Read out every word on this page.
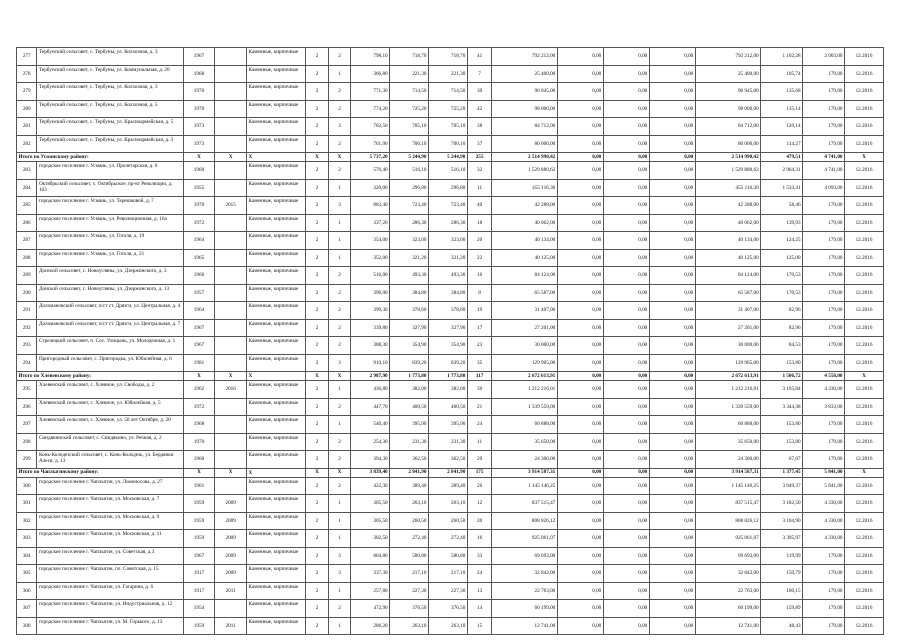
277	Тербунский сельсовет, с. Тербуны, ул. Колхозная, д. 3	1967		Каменные, кирпичные	2	2	798,10	718,70	718,70	41	792 212,00	0,00	0,00	0,00	792 212,00	1 102,28	2 003,00	12.2016
278	Тербунский сельсовет, с. Тербуны, ул. Коммунальная, д. 20	1968		Каменные, кирпичные	2	1	366,80	221,30	221,30	7	25 400,00	0,00	0,00	0,00	25 400,00	105,74	179,00	12.2016
279	Тербунский сельсовет, с. Тербуны, ул. Колхозная, д. 3	1970		Каменные, кирпичные	2	2	771,30	714,50	714,50	39	96 945,00	0,00	0,00	0,00	96 945,00	135,68	179,00	12.2016
280	Тербунский сельсовет, с. Тербуны, ул. Колхозная, д. 5	1970		Каменные, кирпичные	2	2	774,20	725,20	725,20	42	98 000,00	0,00	0,00	0,00	98 000,00	135,14	179,00	12.2016
281	Тербунский сельсовет, с. Тербуны, ул. Красноармейская, д. 5	1973		Каменные, кирпичные	2	3	783,50	705,10	705,10	38	84 712,00	0,00	0,00	0,00	84 712,00	120,14	179,00	12.2016
282	Тербунский сельсовет, с. Тербуны, ул. Красноармейская, д. 3	1973		Каменные, кирпичные	2	2	761,90	700,10	700,10	37	80 000,00	0,00	0,00	0,00	80 000,00	114,27	179,00	12.2016
Итого по Усманскому району:		X	X	X	X	X	5 737,20	5 244,90	5 244,90	255	2 514 990,42	0,00	0,00	0,00	2 514 990,42	479,51	4 741,00	X
283	городское поселение г. Усмань, ул. Пролетарская, д. 6	1960		Каменные, кирпичные	2	2	576,40	516,10	516,10	32	1 529 880,62	0,00	0,00	0,00	1 529 880,62	2 964,31	4 741,00	12.2016
284	Октябрьский сельсовет, с. Октябрьское, пр-кт Революции, д. 103	1955		Каменные, кирпичные	2	1	320,00	296,80	296,80	11	455 116,30	0,00	0,00	0,00	455 116,30	1 533,41	4 093,00	12.2016
285	городское поселение г. Усмань, ул. Терешковой, д. 7	1970	2015	Каменные, кирпичные	2	3	883,40	723,40	723,40	40	42 288,00	0,00	0,00	0,00	42 288,00	58,46	179,00	12.2016
286	городское поселение г. Усмань, ул. Революционная, д. 16а	1972		Каменные, кирпичные	2	1	337,20	286,30	286,30	18	40 062,00	0,00	0,00	0,00	40 062,00	139,93	179,00	12.2016
287	городское поселение г. Усмань, ул. Гоголя, д. 19	1964		Каменные, кирпичные	2	1	354,00	323,00	323,00	20	40 134,00	0,00	0,00	0,00	40 134,00	124,25	179,00	12.2016
288	городское поселение г. Усмань, ул. Гоголя, д. 21	1965		Каменные, кирпичные	2	1	352,00	321,20	321,20	22	40 125,00	0,00	0,00	0,00	40 125,00	125,00	179,00	12.2016
289	Донской сельсовет, с. Новоугляны, ул. Дзержинского, д. 3	1966		Каменные, кирпичные	2	2	516,00	493,30	493,30	16	84 124,00	0,00	0,00	0,00	84 124,00	170,53	179,00	12.2016
290	Донской сельсовет, с. Новоугляны, ул. Дзержинского, д. 13	1957		Каменные, кирпичные	2	2	396,00	384,80	384,80	8	65 587,00	0,00	0,00	0,00	65 587,00	170,53	179,00	12.2016
291	Доломановский сельсовет, п/ст ст. Дрязги, ул. Центральная, д. 4	1964		Каменные, кирпичные	2	2	399,30	378,60	378,60	19	31 407,00	0,00	0,00	0,00	31 407,00	82,96	179,00	12.2016
292	Доломановский сельсовет, п/ст ст. Дрязги, ул. Центральная, д. 7	1967		Каменные, кирпичные	2	2	339,80	327,90	327,90	17	27 201,00	0,00	0,00	0,00	27 201,00	82,96	179,00	12.2016
293	Стрелецкий сельсовет, п. Сос. Улицынь, ул. Молодежная, д. 1	1967		Каменные, кирпичные	2	2	388,30	354,90	354,90	23	30 000,00	0,00	0,00	0,00	30 000,00	84,53	179,00	12.2016
294	Пригородный сельсовет, с. Пригородка, ул. Юбилейная, д. 6	1981		Каменные, кирпичные	2	3	910,10	839,20	839,20	35	129 965,00	0,00	0,00	0,00	129 965,00	153,80	179,00	12.2016
Итого по Хлевенскому району:		X	X	X	X	X	2 987,90	1 773,80	1 773,80	117	2 672 613,91	0,00	0,00	0,00	2 672 613,91	1 506,72	4 558,00	X
295	Хлевенский сельсовет, с. Хлевное, ул. Свободы, д. 2	1962	2016	Каменные, кирпичные	2	1	436,80	382,00	382,00	36	1 212 216,01	0,00	0,00	0,00	1 212 216,01	3 165,84	4 330,00	12.2016
296	Хлевенский сельсовет, с. Хлевное, ул. Юбилейная, д. 5	1972		Каменные, кирпичные	2	2	447,70	400,50	400,50	21	1 339 559,00	0,00	0,00	0,00	1 339 559,00	3 344,38	3 833,00	12.2016
297	Хлевенский сельсовет, с. Хлевное, ул. 50 лет Октября, д. 20	1968		Каменные, кирпичные	2	1	540,40	395,90	395,90	24	60 888,00	0,00	0,00	0,00	60 888,00	153,80	179,00	12.2016
298	Синдякинский сельсовет, с. Синдякино, ул. Речная, д. 2	1970		Каменные, кирпичные	2	2	254,30	231,30	231,30	11	35 650,00	0,00	0,00	0,00	35 650,00	153,80	179,00	12.2016
299	Конь-Колодезский сельсовет, с. Конь-Колодезь, ул. Бердянки Алеся, д. 13	1960		Каменные, кирпичные	2	2	394,30	362,50	362,50	29	24 300,00	0,00	0,00	0,00	24 300,00	67,07	179,00	12.2016
Итого по Чаплыгинскому району:		X	X	X	X	X	3 839,40	2 841,90	2 841,90	175	3 914 587,31	0,00	0,00	0,00	3 914 587,31	1 377,45	5 841,00	X
300	городское поселение г. Чаплыгин, ул. Ломоносова, д. 27	1961		Каменные, кирпичные	2	2	422,30	389,40	389,40	26	1 145 146,25	0,00	0,00	0,00	1 145 146,25	3 049,37	5 841,00	12.2016
301	городское поселение г. Чаплыгин, ул. Московская, д. 7	1959	2009	Каменные, кирпичные	2	1	305,50	263,10	263,10	12	837 515,47	0,00	0,00	0,00	837 515,47	3 182,50	4 330,00	12.2016
302	городское поселение г. Чаплыгин, ул. Московская, д. 9	1959	2009	Каменные, кирпичные	2	1	305,50	260,50	260,50	20	808 826,12	0,00	0,00	0,00	808 826,12	3 104,90	4 330,00	12.2016
303	городское поселение г. Чаплыгин, ул. Московская, д. 11	1959	2009	Каменные, кирпичные	2	1	302,50	272,40	272,40	16	925 061,07	0,00	0,00	0,00	925 061,07	3 395,97	4 330,00	12.2016
304	городское поселение г. Чаплыгин, ул. Советская, д.3	1967	2009	Каменные, кирпичные	2	3	864,80	580,80	580,80	33	69 693,00	0,00	0,00	0,00	69 693,00	119,99	179,00	12.2016
305	городское поселение г. Чаплыгин, пл. Советская, д. 15	1917	2009	Каменные, кирпичные	2	3	337,30	217,10	217,10	24	32 842,00	0,00	0,00	0,00	32 842,00	150,79	179,00	12.2016
306	городское поселение г. Чаплыгин, ул. Гагарина, д. 6	1917	2011	Каменные, кирпичные	2	1	257,80	227,30	227,30	13	22 763,00	0,00	0,00	0,00	22 763,00	100,15	179,00	12.2016
307	городское поселение г. Чаплыгин, ул. Индустриальная, д. 12	1954		Каменные, кирпичные	2	2	472,90	376,50	376,50	14	60 199,00	0,00	0,00	0,00	60 199,00	159,89	179,00	12.2016
308	городское поселение г. Чаплыгин, ул. М. Горького, д. 13	1959	2011	Каменные, кирпичные	2	1	286,20	263,10	263,10	15	12 741,00	0,00	0,00	0,00	12 741,00	48,43	179,00	12.2016
